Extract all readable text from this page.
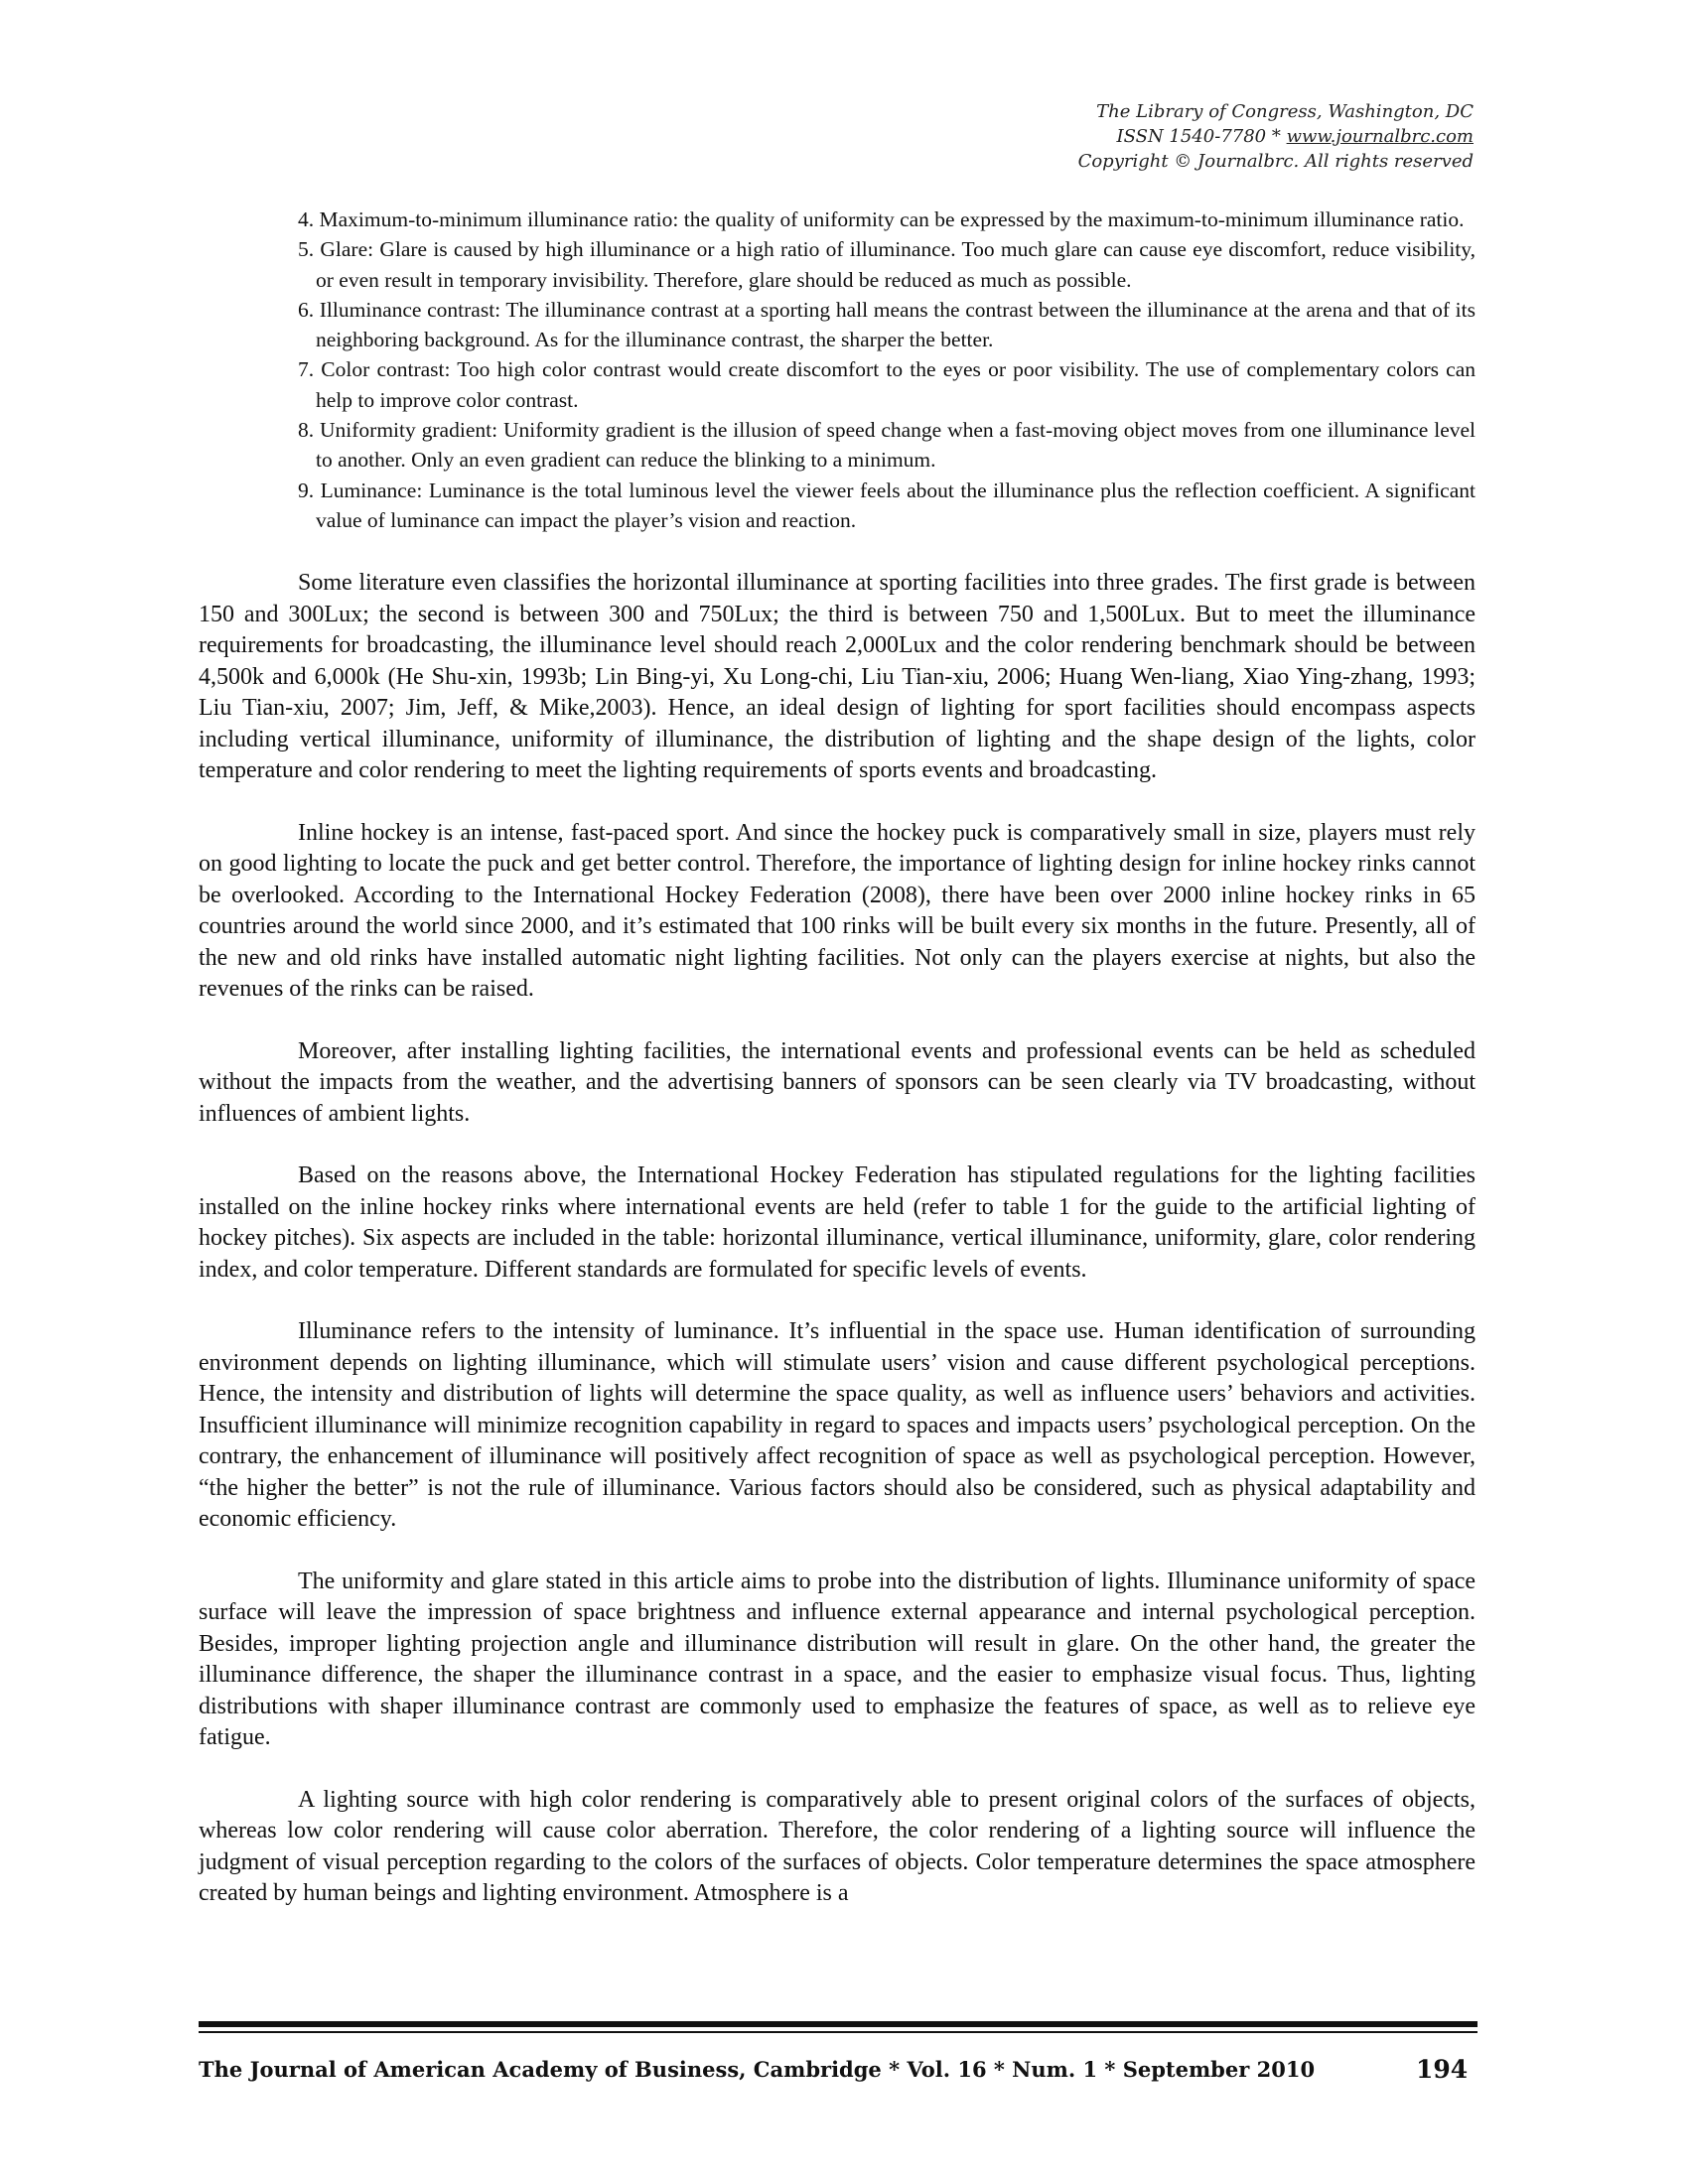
The Library of Congress, Washington, DC
ISSN 1540-7780 * www.journalbrc.com
Copyright © Journalbrc. All rights reserved
4. Maximum-to-minimum illuminance ratio: the quality of uniformity can be expressed by the maximum-to-minimum illuminance ratio.
5. Glare: Glare is caused by high illuminance or a high ratio of illuminance. Too much glare can cause eye discomfort, reduce visibility, or even result in temporary invisibility. Therefore, glare should be reduced as much as possible.
6. Illuminance contrast: The illuminance contrast at a sporting hall means the contrast between the illuminance at the arena and that of its neighboring background. As for the illuminance contrast, the sharper the better.
7. Color contrast: Too high color contrast would create discomfort to the eyes or poor visibility. The use of complementary colors can help to improve color contrast.
8. Uniformity gradient: Uniformity gradient is the illusion of speed change when a fast-moving object moves from one illuminance level to another. Only an even gradient can reduce the blinking to a minimum.
9. Luminance: Luminance is the total luminous level the viewer feels about the illuminance plus the reflection coefficient. A significant value of luminance can impact the player’s vision and reaction.

Some literature even classifies the horizontal illuminance at sporting facilities into three grades. The first grade is between 150 and 300Lux; the second is between 300 and 750Lux; the third is between 750 and 1,500Lux. But to meet the illuminance requirements for broadcasting, the illuminance level should reach 2,000Lux and the color rendering benchmark should be between 4,500k and 6,000k (He Shu-xin, 1993b; Lin Bing-yi, Xu Long-chi, Liu Tian-xiu, 2006; Huang Wen-liang, Xiao Ying-zhang, 1993; Liu Tian-xiu, 2007; Jim, Jeff, & Mike,2003). Hence, an ideal design of lighting for sport facilities should encompass aspects including vertical illuminance, uniformity of illuminance, the distribution of lighting and the shape design of the lights, color temperature and color rendering to meet the lighting requirements of sports events and broadcasting.

Inline hockey is an intense, fast-paced sport. And since the hockey puck is comparatively small in size, players must rely on good lighting to locate the puck and get better control. Therefore, the importance of lighting design for inline hockey rinks cannot be overlooked. According to the International Hockey Federation (2008), there have been over 2000 inline hockey rinks in 65 countries around the world since 2000, and it’s estimated that 100 rinks will be built every six months in the future. Presently, all of the new and old rinks have installed automatic night lighting facilities. Not only can the players exercise at nights, but also the revenues of the rinks can be raised.

Moreover, after installing lighting facilities, the international events and professional events can be held as scheduled without the impacts from the weather, and the advertising banners of sponsors can be seen clearly via TV broadcasting, without influences of ambient lights.

Based on the reasons above, the International Hockey Federation has stipulated regulations for the lighting facilities installed on the inline hockey rinks where international events are held (refer to table 1 for the guide to the artificial lighting of hockey pitches). Six aspects are included in the table: horizontal illuminance, vertical illuminance, uniformity, glare, color rendering index, and color temperature. Different standards are formulated for specific levels of events.

Illuminance refers to the intensity of luminance. It’s influential in the space use. Human identification of surrounding environment depends on lighting illuminance, which will stimulate users’ vision and cause different psychological perceptions. Hence, the intensity and distribution of lights will determine the space quality, as well as influence users’ behaviors and activities. Insufficient illuminance will minimize recognition capability in regard to spaces and impacts users’ psychological perception. On the contrary, the enhancement of illuminance will positively affect recognition of space as well as psychological perception. However, “the higher the better” is not the rule of illuminance. Various factors should also be considered, such as physical adaptability and economic efficiency.

The uniformity and glare stated in this article aims to probe into the distribution of lights. Illuminance uniformity of space surface will leave the impression of space brightness and influence external appearance and internal psychological perception. Besides, improper lighting projection angle and illuminance distribution will result in glare. On the other hand, the greater the illuminance difference, the shaper the illuminance contrast in a space, and the easier to emphasize visual focus. Thus, lighting distributions with shaper illuminance contrast are commonly used to emphasize the features of space, as well as to relieve eye fatigue.

A lighting source with high color rendering is comparatively able to present original colors of the surfaces of objects, whereas low color rendering will cause color aberration. Therefore, the color rendering of a lighting source will influence the judgment of visual perception regarding to the colors of the surfaces of objects. Color temperature determines the space atmosphere created by human beings and lighting environment. Atmosphere is a

The Journal of American Academy of Business, Cambridge * Vol. 16 * Num. 1 * September 2010	194
